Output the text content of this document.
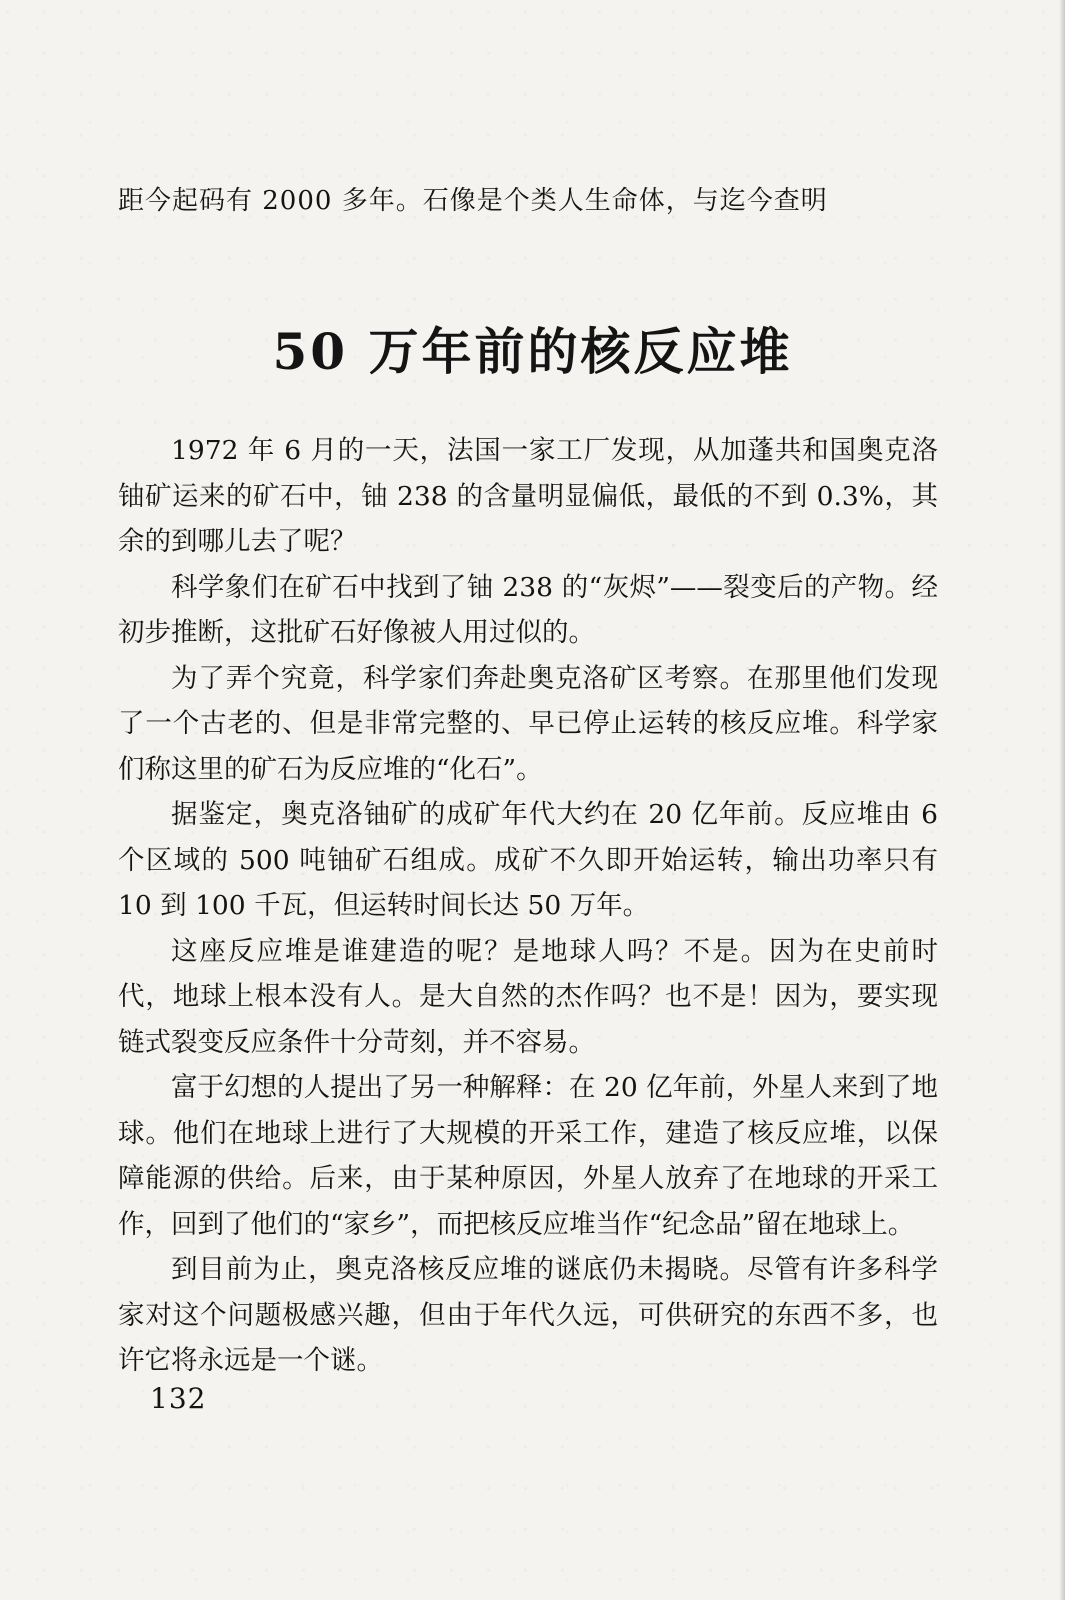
距今起码有 2000 多年。石像是个类人生命体，与迄今查明
50 万年前的核反应堆

1972 年 6 月的一天，法国一家工厂发现，从加蓬共和国奥克洛铀矿运来的矿石中，铀 238 的含量明显偏低，最低的不到 0.3%，其余的到哪儿去了呢？

科学象们在矿石中找到了铀 238 的“灰烬”——裂变后的产物。经初步推断，这批矿石好像被人用过似的。

为了弄个究竟，科学家们奔赴奥克洛矿区考察。在那里他们发现了一个古老的、但是非常完整的、早已停止运转的核反应堆。科学家们称这里的矿石为反应堆的“化石”。

据鉴定，奥克洛铀矿的成矿年代大约在 20 亿年前。反应堆由 6 个区域的 500 吨铀矿石组成。成矿不久即开始运转，输出功率只有 10 到 100 千瓦，但运转时间长达 50 万年。

这座反应堆是谁建造的呢？是地球人吗？不是。因为在史前时代，地球上根本没有人。是大自然的杰作吗？也不是！因为，要实现链式裂变反应条件十分苛刻，并不容易。

富于幻想的人提出了另一种解释：在 20 亿年前，外星人来到了地球。他们在地球上进行了大规模的开采工作，建造了核反应堆，以保障能源的供给。后来，由于某种原因，外星人放弃了在地球的开采工作，回到了他们的“家乡”，而把核反应堆当作“纪念品”留在地球上。

到目前为止，奥克洛核反应堆的谜底仍未揭晓。尽管有许多科学家对这个问题极感兴趣，但由于年代久远，可供研究的东西不多，也许它将永远是一个谜。

132
